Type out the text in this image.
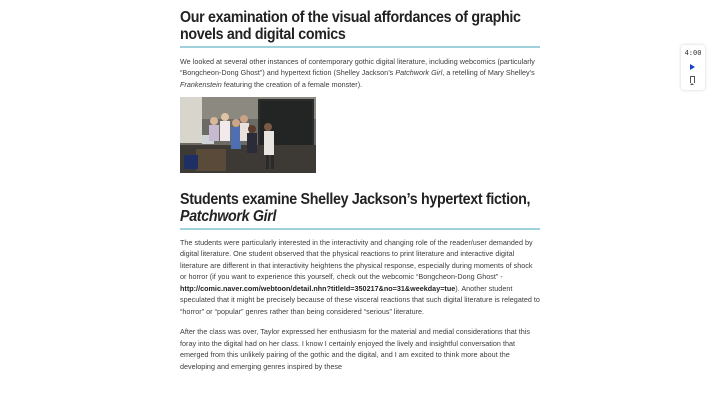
Our examination of the visual affordances of graphic novels and digital comics

We looked at several other instances of contemporary gothic digital literature, including webcomics (particularly “Bongcheon-Dong Ghost”) and hypertext fiction (Shelley Jackson’s Patchwork Girl, a retelling of Mary Shelley’s Frankenstein featuring the creation of a female monster).

Students examine Shelley Jackson’s hypertext fiction, Patchwork Girl

The students were particularly interested in the interactivity and changing role of the reader/user demanded by digital literature. One student observed that the physical reactions to print literature and interactive digital literature are different in that interactivity heightens the physical response, especially during moments of shock or horror (if you want to experience this yourself, check out the webcomic “Bongcheon-Dong Ghost” - http://comic.naver.com/webtoon/detail.nhn?titleId=350217&no=31&weekday=tue). Another student speculated that it might be precisely because of these visceral reactions that such digital literature is relegated to “horror” or “popular” genres rather than being considered “serious” literature.

After the class was over, Taylor expressed her enthusiasm for the material and medial considerations that this foray into the digital had on her class. I know I certainly enjoyed the lively and insightful conversation that emerged from this unlikely pairing of the gothic and the digital, and I am excited to think more about the developing and emerging genres inspired by these

4:00
